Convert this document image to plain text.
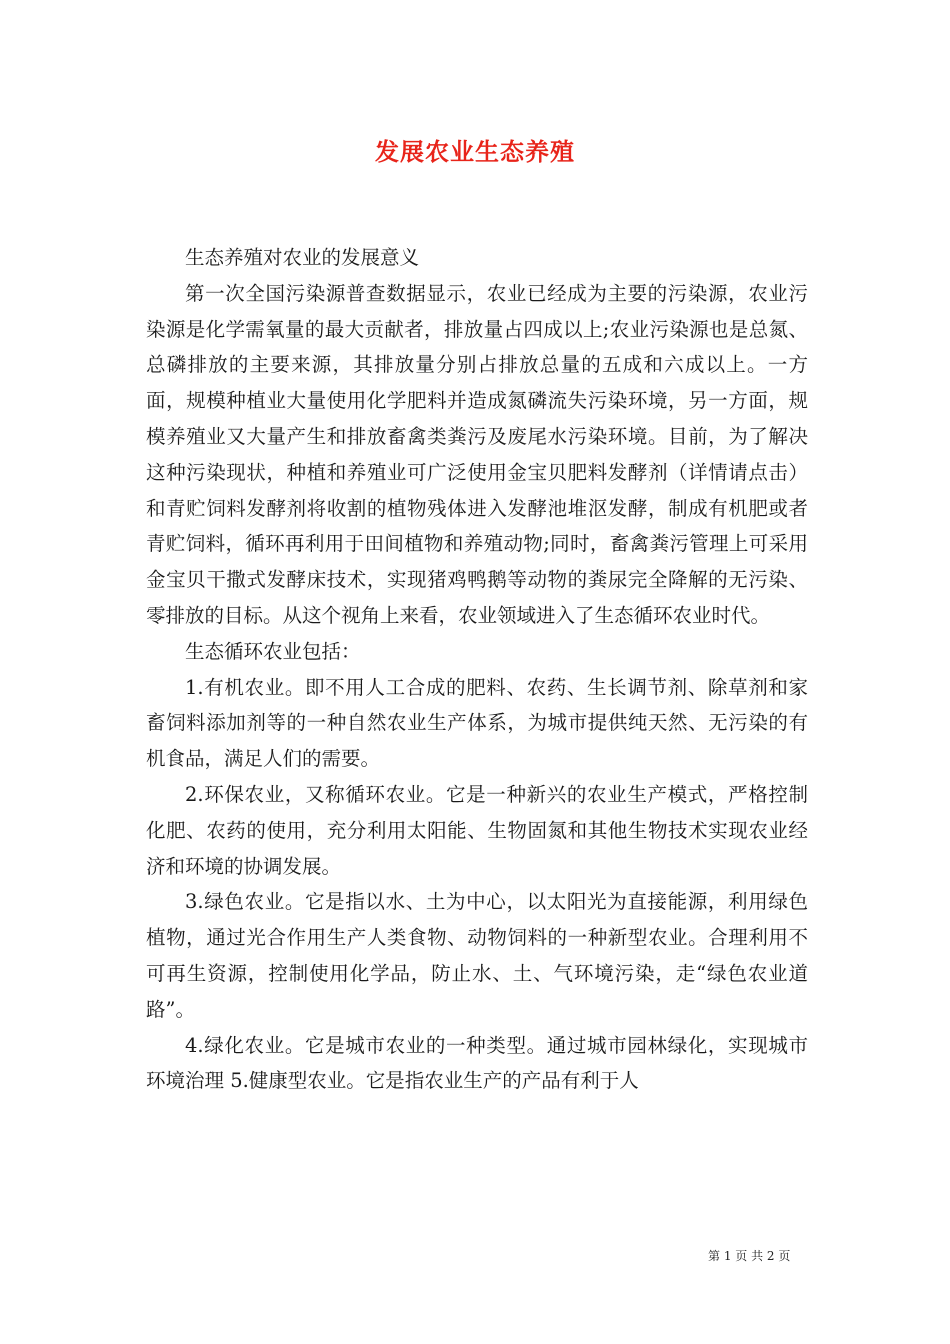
发展农业生态养殖

生态养殖对农业的发展意义

第一次全国污染源普查数据显示，农业已经成为主要的污染源，农业污染源是化学需氧量的最大贡献者，排放量占四成以上;农业污染源也是总氮、总磷排放的主要来源，其排放量分别占排放总量的五成和六成以上。一方面，规模种植业大量使用化学肥料并造成氮磷流失污染环境，另一方面，规模养殖业又大量产生和排放畜禽类粪污及废尾水污染环境。目前，为了解决这种污染现状，种植和养殖业可广泛使用金宝贝肥料发酵剂（详情请点击）和青贮饲料发酵剂将收割的植物残体进入发酵池堆沤发酵，制成有机肥或者青贮饲料，循环再利用于田间植物和养殖动物;同时，畜禽粪污管理上可采用金宝贝干撒式发酵床技术，实现猪鸡鸭鹅等动物的粪尿完全降解的无污染、零排放的目标。从这个视角上来看，农业领域进入了生态循环农业时代。

生态循环农业包括：

1.有机农业。即不用人工合成的肥料、农药、生长调节剂、除草剂和家畜饲料添加剂等的一种自然农业生产体系，为城市提供纯天然、无污染的有机食品，满足人们的需要。

2.环保农业，又称循环农业。它是一种新兴的农业生产模式，严格控制化肥、农药的使用，充分利用太阳能、生物固氮和其他生物技术实现农业经济和环境的协调发展。

3.绿色农业。它是指以水、土为中心，以太阳光为直接能源，利用绿色植物，通过光合作用生产人类食物、动物饲料的一种新型农业。合理利用不可再生资源，控制使用化学品，防止水、土、气环境污染，走“绿色农业道路”。

4.绿化农业。它是城市农业的一种类型。通过城市园林绿化，实现城市环境治理 5.健康型农业。它是指农业生产的产品有利于人

第 1 页 共 2 页
